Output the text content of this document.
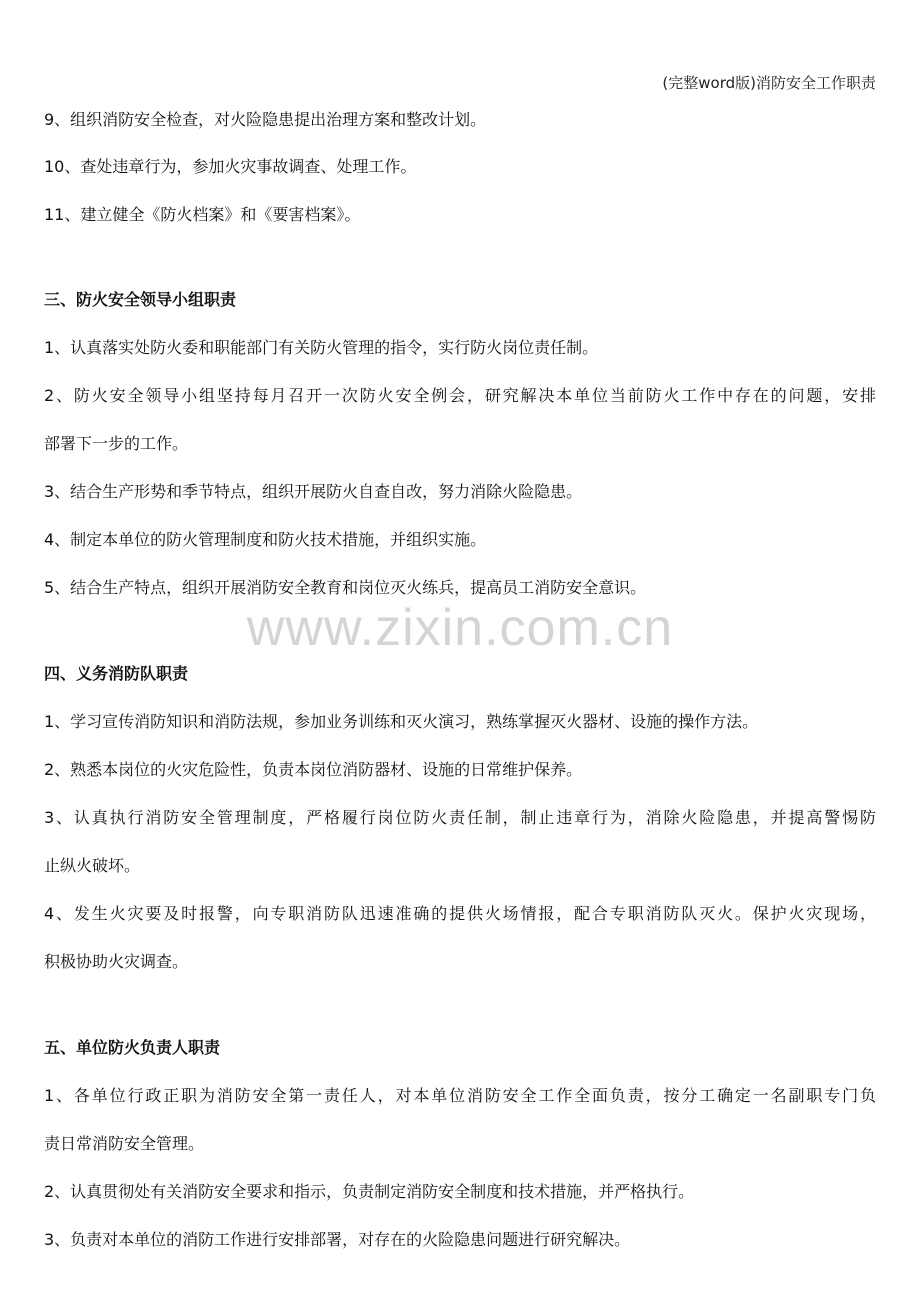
(完整word版)消防安全工作职责
www.zixin.com.cn
9、组织消防安全检查，对火险隐患提出治理方案和整改计划。
10、查处违章行为，参加火灾事故调查、处理工作。
11、建立健全《防火档案》和《要害档案》。
三、防火安全领导小组职责
1、认真落实处防火委和职能部门有关防火管理的指令，实行防火岗位责任制。
2、防火安全领导小组坚持每月召开一次防火安全例会，研究解决本单位当前防火工作中存在的问题，安排
部署下一步的工作。
3、结合生产形势和季节特点，组织开展防火自查自改，努力消除火险隐患。
4、制定本单位的防火管理制度和防火技术措施，并组织实施。
5、结合生产特点，组织开展消防安全教育和岗位灭火练兵，提高员工消防安全意识。
四、义务消防队职责
1、学习宣传消防知识和消防法规，参加业务训练和灭火演习，熟练掌握灭火器材、设施的操作方法。
2、熟悉本岗位的火灾危险性，负责本岗位消防器材、设施的日常维护保养。
3、认真执行消防安全管理制度，严格履行岗位防火责任制，制止违章行为，消除火险隐患，并提高警惕防
止纵火破坏。
4、发生火灾要及时报警，向专职消防队迅速准确的提供火场情报，配合专职消防队灭火。保护火灾现场，
积极协助火灾调查。
五、单位防火负责人职责
1、各单位行政正职为消防安全第一责任人，对本单位消防安全工作全面负责，按分工确定一名副职专门负
责日常消防安全管理。
2、认真贯彻处有关消防安全要求和指示，负责制定消防安全制度和技术措施，并严格执行。
3、负责对本单位的消防工作进行安排部署，对存在的火险隐患问题进行研究解决。
